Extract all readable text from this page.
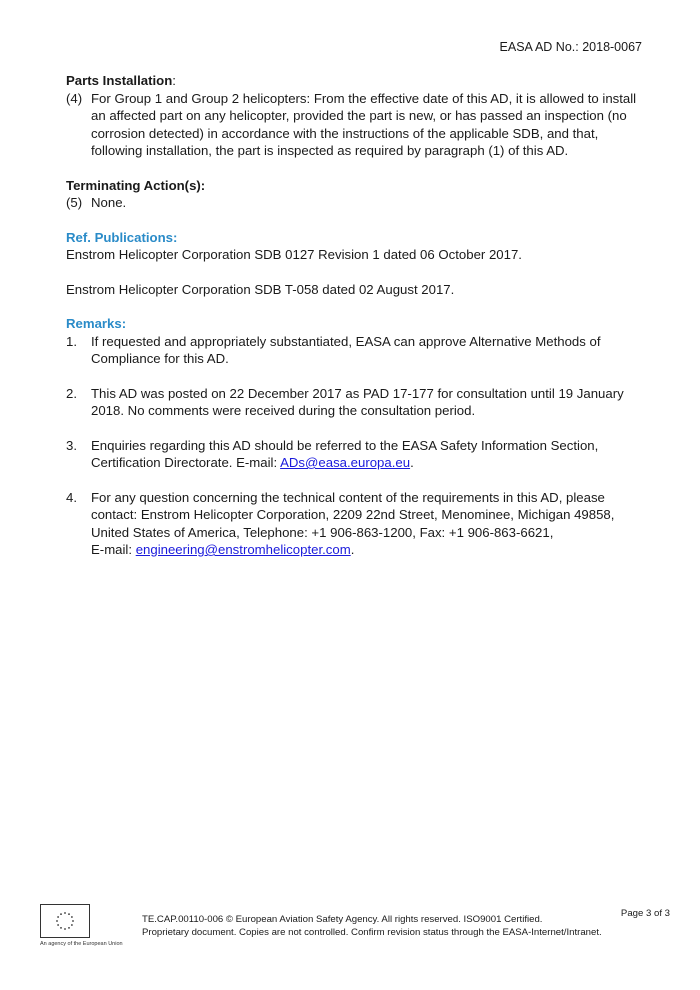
EASA AD No.: 2018-0067

Parts Installation:

(4) For Group 1 and Group 2 helicopters: From the effective date of this AD, it is allowed to install an affected part on any helicopter, provided the part is new, or has passed an inspection (no corrosion detected) in accordance with the instructions of the applicable SDB, and that, following installation, the part is inspected as required by paragraph (1) of this AD.

Terminating Action(s):

(5) None.

Ref. Publications:

Enstrom Helicopter Corporation SDB 0127 Revision 1 dated 06 October 2017.

Enstrom Helicopter Corporation SDB T-058 dated 02 August 2017.

Remarks:

1.	If requested and appropriately substantiated, EASA can approve Alternative Methods of Compliance for this AD.
2.	This AD was posted on 22 December 2017 as PAD 17-177 for consultation until 19 January 2018. No comments were received during the consultation period.
3.	Enquiries regarding this AD should be referred to the EASA Safety Information Section, Certification Directorate. E-mail: ADs@easa.europa.eu.
4.	For any question concerning the technical content of the requirements in this AD, please contact: Enstrom Helicopter Corporation, 2209 22nd Street, Menominee, Michigan 49858, United States of America, Telephone: +1 906-863-1200, Fax: +1 906-863-6621,
E-mail: engineering@enstromhelicopter.com.
An agency of the European Union
TE.CAP.00110-006 © European Aviation Safety Agency. All rights reserved. ISO9001 Certified.
Proprietary document. Copies are not controlled. Confirm revision status through the EASA-Internet/Intranet.
Page 3 of 3
